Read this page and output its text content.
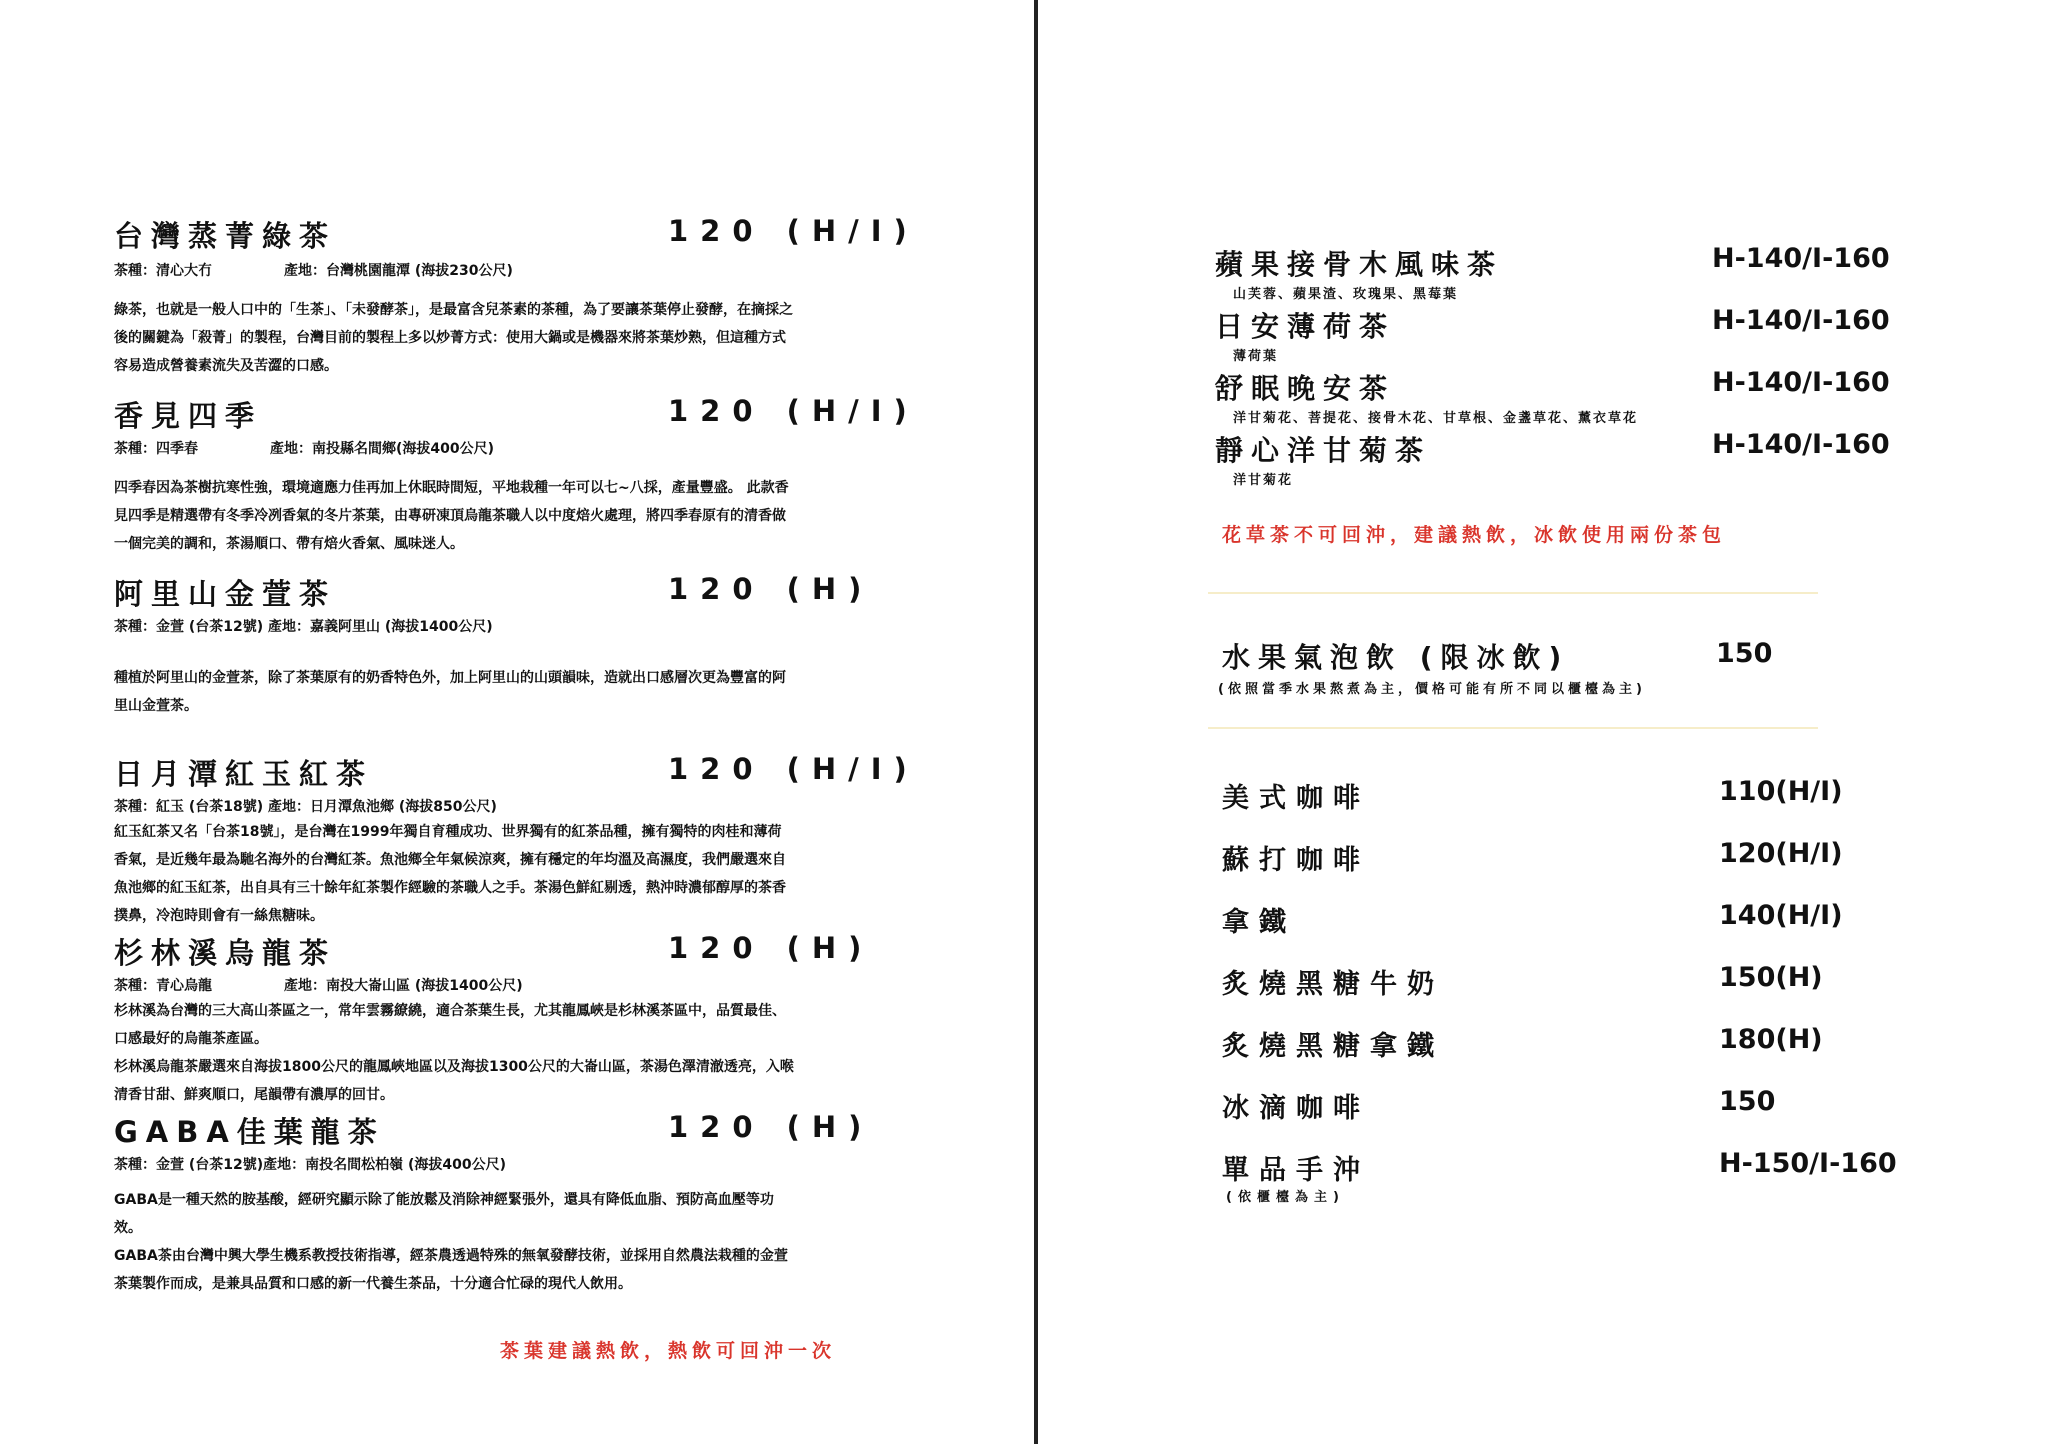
台灣蒸菁綠茶	120 (H/I)
茶種：清心大冇	產地：台灣桃園龍潭 (海拔230公尺)

綠茶，也就是一般人口中的「生茶」、「未發酵茶」，是最富含兒茶素的茶種，為了要讓茶葉停止發酵，在摘採之後的關鍵為「殺菁」的製程，台灣目前的製程上多以炒菁方式：使用大鍋或是機器來將茶葉炒熟，但這種方式容易造成營養素流失及苦澀的口感。

香見四季	120 (H/I)
茶種：四季春	產地：南投縣名間鄉(海拔400公尺)

四季春因為茶樹抗寒性強，環境適應力佳再加上休眠時間短，平地栽種一年可以七~八採，產量豐盛。 此款香見四季是精選帶有冬季冷冽香氣的冬片茶葉，由專研凍頂烏龍茶職人以中度焙火處理，將四季春原有的清香做一個完美的調和，茶湯順口、帶有焙火香氣、風味迷人。

阿里山金萱茶	120 (H)
茶種：金萱 (台茶12號) 產地：嘉義阿里山 (海拔1400公尺)

種植於阿里山的金萱茶，除了茶葉原有的奶香特色外，加上阿里山的山頭韻味，造就出口感層次更為豐富的阿里山金萱茶。

日月潭紅玉紅茶	120 (H/I)
茶種：紅玉 (台茶18號) 產地：日月潭魚池鄉 (海拔850公尺)

紅玉紅茶又名「台茶18號」，是台灣在1999年獨自育種成功、世界獨有的紅茶品種，擁有獨特的肉桂和薄荷香氣，是近幾年最為馳名海外的台灣紅茶。魚池鄉全年氣候涼爽，擁有穩定的年均溫及高濕度，我們嚴選來自魚池鄉的紅玉紅茶，出自具有三十餘年紅茶製作經驗的茶職人之手。茶湯色鮮紅剔透，熱沖時濃郁醇厚的茶香撲鼻，冷泡時則會有一絲焦糖味。

杉林溪烏龍茶	120 (H)
茶種：青心烏龍	產地：南投大崙山區 (海拔1400公尺)

杉林溪為台灣的三大高山茶區之一，常年雲霧繚繞，適合茶葉生長，尤其龍鳳峽是杉林溪茶區中，品質最佳、口感最好的烏龍茶產區。

杉林溪烏龍茶嚴選來自海拔1800公尺的龍鳳峽地區以及海拔1300公尺的大崙山區，茶湯色澤清澈透亮，入喉清香甘甜、鮮爽順口，尾韻帶有濃厚的回甘。

GABA佳葉龍茶	120 (H)
茶種：金萱 (台茶12號)產地：南投名間松柏嶺 (海拔400公尺)

GABA是一種天然的胺基酸，經研究顯示除了能放鬆及消除神經緊張外，還具有降低血脂、預防高血壓等功效。

GABA茶由台灣中興大學生機系教授技術指導，經茶農透過特殊的無氧發酵技術，並採用自然農法栽種的金萱茶葉製作而成，是兼具品質和口感的新一代養生茶品，十分適合忙碌的現代人飲用。

茶葉建議熱飲，熱飲可回沖一次
蘋果接骨木風味茶	H-140/I-160
山芙蓉、蘋果渣、玫瑰果、黑莓葉
日安薄荷茶	H-140/I-160
薄荷葉
舒眠晚安茶	H-140/I-160
洋甘菊花、菩提花、接骨木花、甘草根、金盞草花、薰衣草花
靜心洋甘菊茶	H-140/I-160
洋甘菊花
花草茶不可回沖，建議熱飲，冰飲使用兩份茶包
水果氣泡飲 (限冰飲)	150
(依照當季水果熬煮為主，價格可能有所不同以櫃檯為主)
美式咖啡	110(H/I)
蘇打咖啡	120(H/I)
拿鐵	140(H/I)
炙燒黑糖牛奶	150(H)
炙燒黑糖拿鐵	180(H)
冰滴咖啡	150
單品手沖	H-150/I-160
(依櫃檯為主)
